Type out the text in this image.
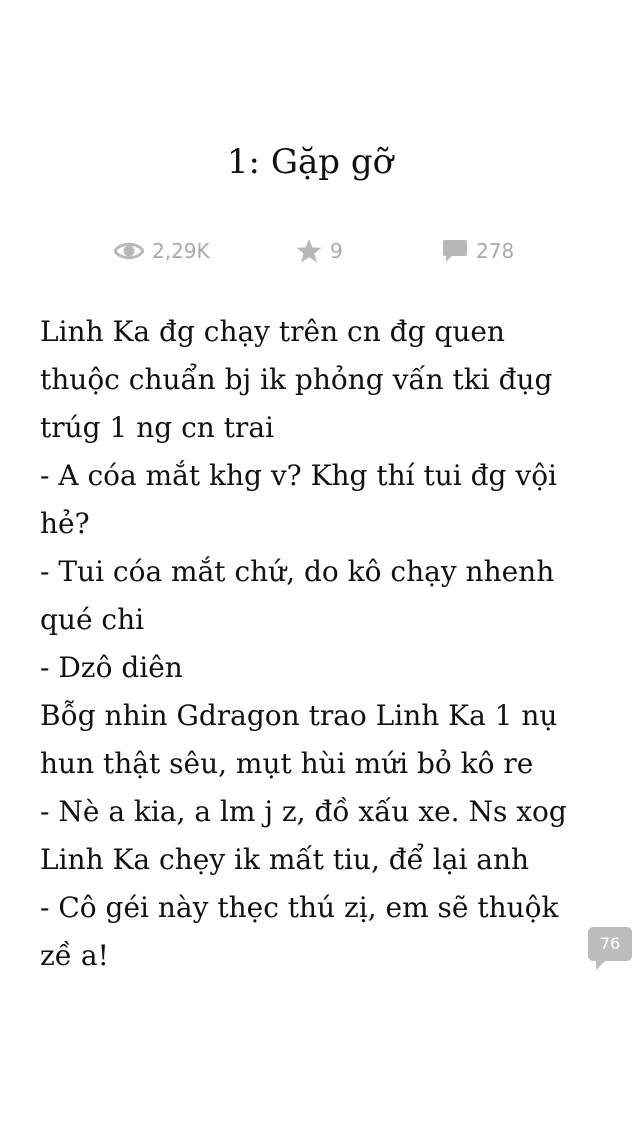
1: Gặp gỡ
2,29K	9	278

Linh Ka đg chạy trên cn đg quen thuộc chuẩn bj ik phỏng vấn tki đụg trúg 1 ng cn trai

- A cóa mắt khg v? Khg thí tui đg vội hẻ?

- Tui cóa mắt chứ, do kô chạy nhenh qué chi

- Dzô diên

Bỗg nhin Gdragon trao Linh Ka 1 nụ hun thật sêu, mụt hùi mứi bỏ kô re

- Nè a kia, a lm j z, đồ xấu xe. Ns xog Linh Ka chẹy ik mất tiu, để lại anh

- Cô géi này thẹc thú zị, em sẽ thuộk zề a!	76
